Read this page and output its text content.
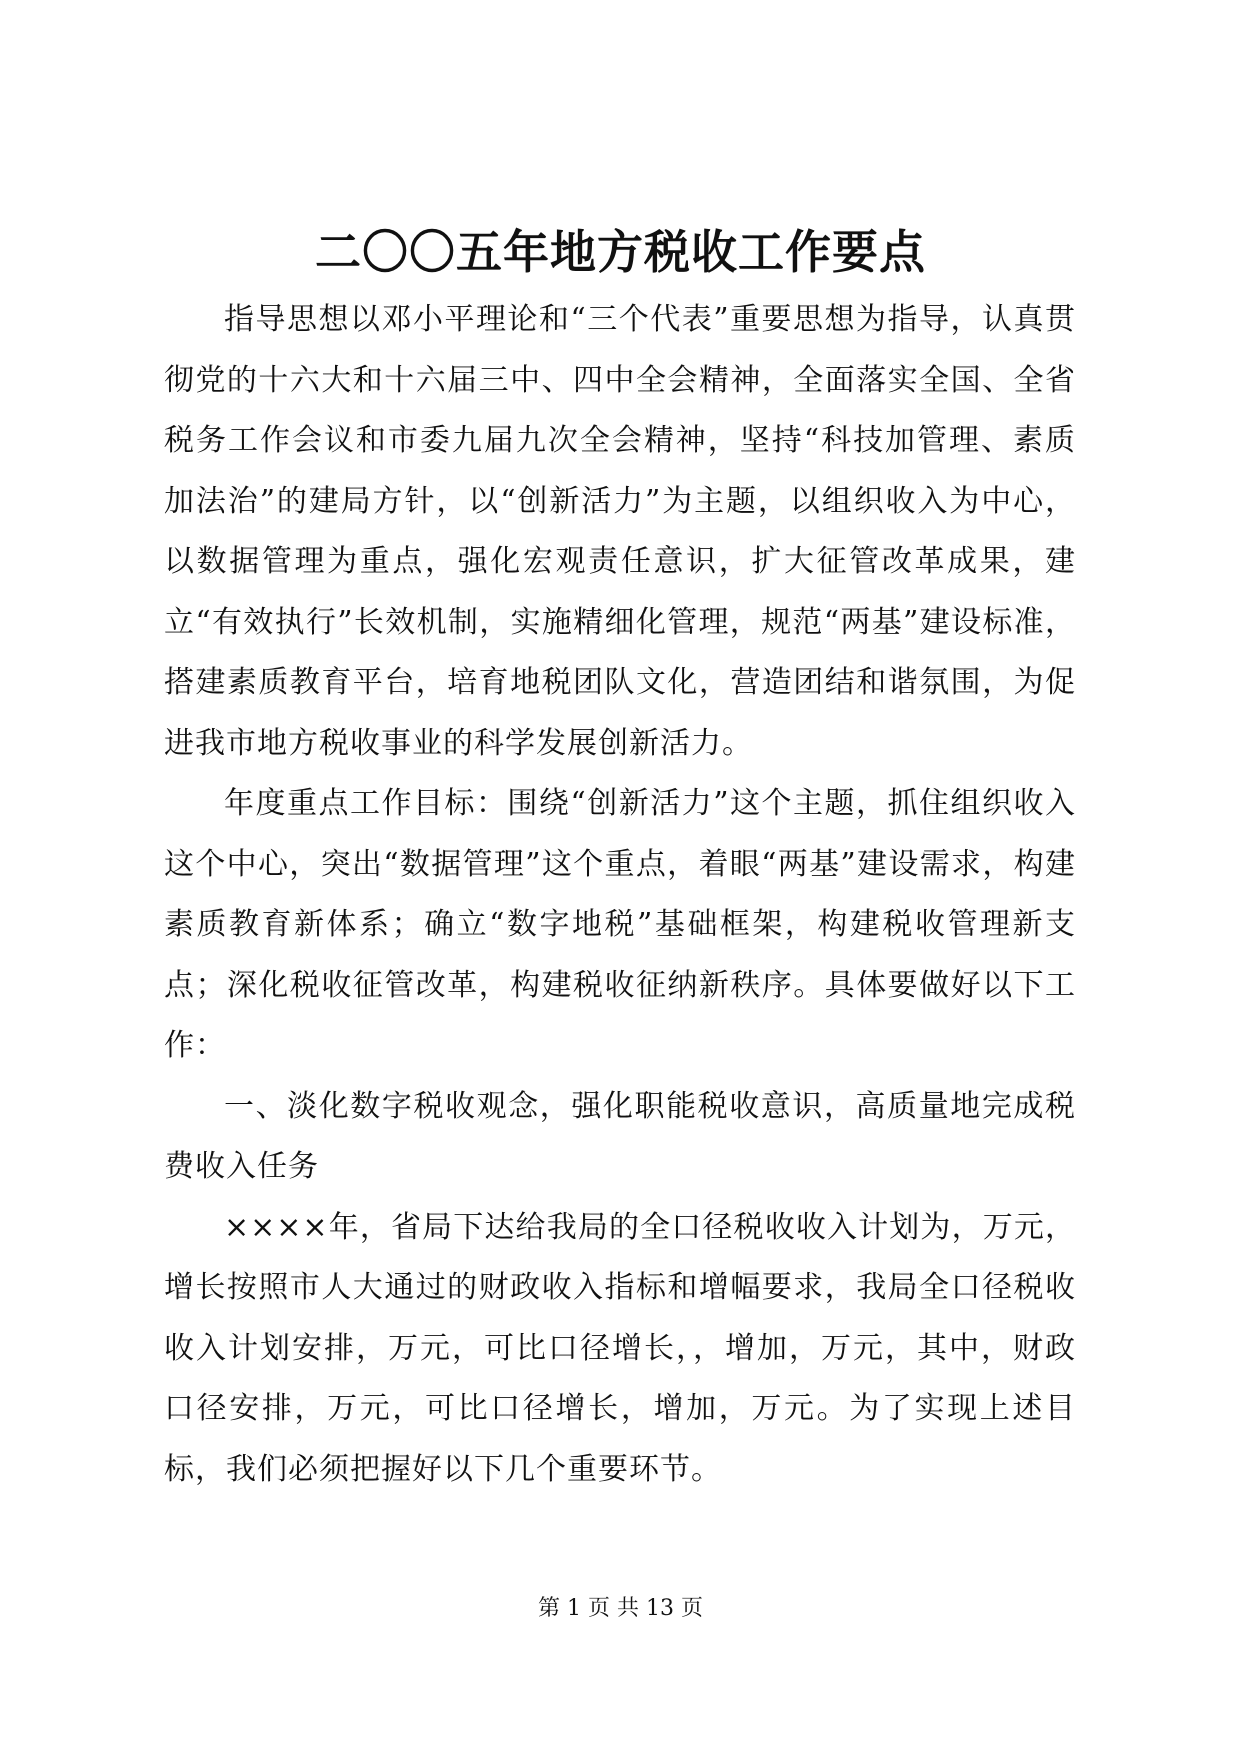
二〇〇五年地方税收工作要点

指导思想以邓小平理论和“三个代表”重要思想为指导，认真贯彻党的十六大和十六届三中、四中全会精神，全面落实全国、全省税务工作会议和市委九届九次全会精神，坚持“科技加管理、素质加法治”的建局方针，以“创新活力”为主题，以组织收入为中心，以数据管理为重点，强化宏观责任意识，扩大征管改革成果，建立“有效执行”长效机制，实施精细化管理，规范“两基”建设标准，搭建素质教育平台，培育地税团队文化，营造团结和谐氛围，为促进我市地方税收事业的科学发展创新活力。

年度重点工作目标：围绕“创新活力”这个主题，抓住组织收入这个中心，突出“数据管理”这个重点，着眼“两基”建设需求，构建素质教育新体系；确立“数字地税”基础框架，构建税收管理新支点；深化税收征管改革，构建税收征纳新秩序。具体要做好以下工作：

一、淡化数字税收观念，强化职能税收意识，高质量地完成税费收入任务

××××年，省局下达给我局的全口径税收收入计划为，万元，增长按照市人大通过的财政收入指标和增幅要求，我局全口径税收收入计划安排，万元，可比口径增长，，增加，万元，其中，财政口径安排，万元，可比口径增长，增加，万元。为了实现上述目标，我们必须把握好以下几个重要环节。

第 1 页 共 13 页
